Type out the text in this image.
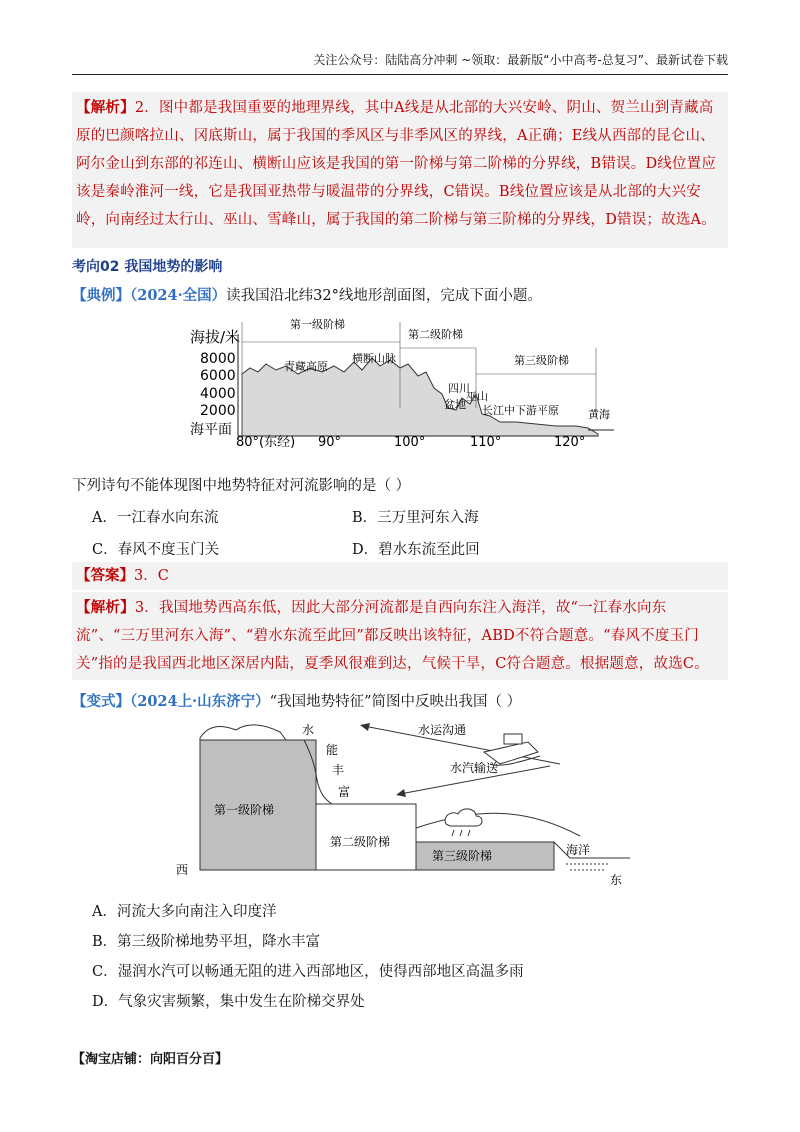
关注公众号：陆陆高分冲刺 ~领取：最新版“小中高考-总复习”、最新试卷下载
【解析】2．图中都是我国重要的地理界线，其中A线是从北部的大兴安岭、阴山、贺兰山到青藏高原的巴颜喀拉山、冈底斯山，属于我国的季风区与非季风区的界线，A正确；E线从西部的昆仑山、阿尔金山到东部的祁连山、横断山应该是我国的第一阶梯与第二阶梯的分界线，B错误。D线位置应该是秦岭淮河一线，它是我国亚热带与暖温带的分界线，C错误。B线位置应该是从北部的大兴安岭，向南经过太行山、巫山、雪峰山，属于我国的第二阶梯与第三阶梯的分界线，D错误；故选A。
考向02 我国地势的影响
【典例】（2024·全国）读我国沿北纬32°线地形剖面图，完成下面小题。
海拔/米
8000
6000
4000
2000
海平面
第一级阶梯
第二级阶梯
第三级阶梯
青藏高原
横断山脉
四川
盆地
巫山
长江中下游平原	黄海
80°(东经) 90°	100°	110°	120°
下列诗句不能体现图中地势特征对河流影响的是（ ）
A．一江春水向东流	B．三万里河东入海
C．春风不度玉门关	D．碧水东流至此回
【答案】3．C
【解析】3．我国地势西高东低，因此大部分河流都是自西向东注入海洋，故“一江春水向东流”、“三万里河东入海”、“碧水东流至此回”都反映出该特征，ABD不符合题意。“春风不度玉门关”指的是我国西北地区深居内陆，夏季风很难到达，气候干旱，C符合题意。根据题意，故选C。
【变式】（2024上·山东济宁）“我国地势特征”简图中反映出我国（ ）
第一级阶梯
水
能
丰
富
第二级阶梯
第三级阶梯	海洋
西
东
水运沟通
水汽输送
A．河流大多向南注入印度洋
B．第三级阶梯地势平坦，降水丰富
C．湿润水汽可以畅通无阻的进入西部地区，使得西部地区高温多雨
D．气象灾害频繁，集中发生在阶梯交界处
【淘宝店铺：向阳百分百】
